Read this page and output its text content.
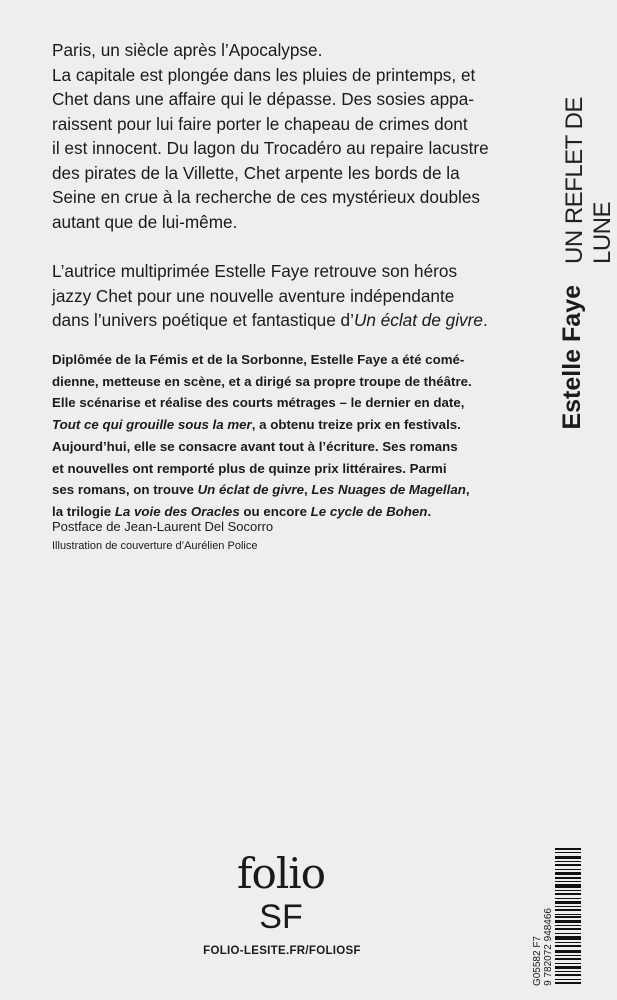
Paris, un siècle après l’Apocalypse.
La capitale est plongée dans les pluies de printemps, et
Chet dans une affaire qui le dépasse. Des sosies appa-
raissent pour lui faire porter le chapeau de crimes dont
il est innocent. Du lagon du Trocadéro au repaire lacustre
des pirates de la Villette, Chet arpente les bords de la
Seine en crue à la recherche de ces mystérieux doubles
autant que de lui-même.
L’autrice multiprimée Estelle Faye retrouve son héros
jazzy Chet pour une nouvelle aventure indépendante
dans l’univers poétique et fantastique d’Un éclat de givre.
Diplômée de la Fémis et de la Sorbonne, Estelle Faye a été comé-
dienne, metteuse en scène, et a dirigé sa propre troupe de théâtre.
Elle scénarise et réalise des courts métrages – le dernier en date,
Tout ce qui grouille sous la mer, a obtenu treize prix en festivals.
Aujourd’hui, elle se consacre avant tout à l’écriture. Ses romans
et nouvelles ont remporté plus de quinze prix littéraires. Parmi
ses romans, on trouve Un éclat de givre, Les Nuages de Magellan,
la trilogie La voie des Oracles ou encore Le cycle de Bohen.

Postface de Jean-Laurent Del Socorro

Illustration de couverture d’Aurélien Police

UN REFLET DE LUNE
Estelle Faye
folio
SF
FOLIO-LESITE.FR/FOLIOSF	G05582 F7 9 782072 948466
